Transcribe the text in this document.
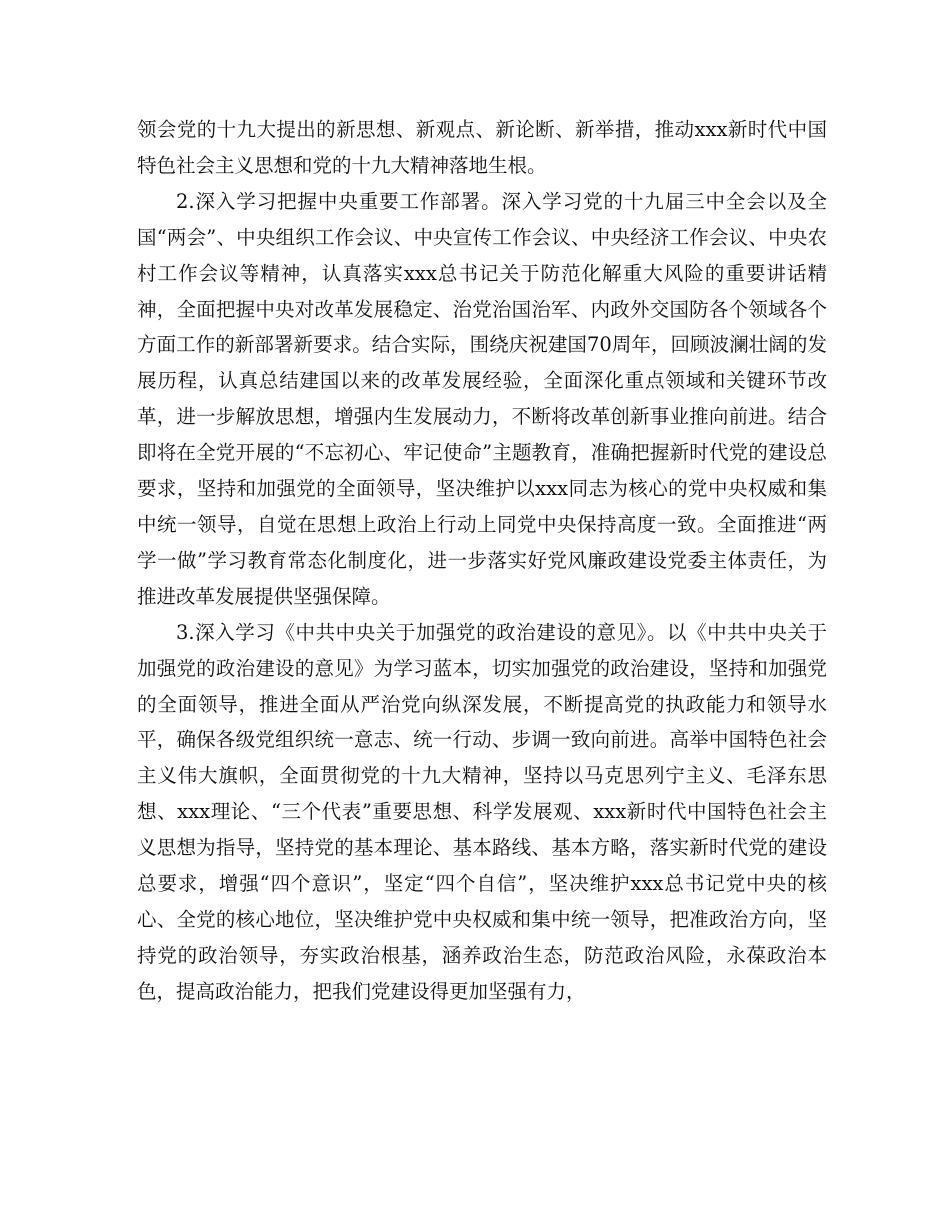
领会党的十九大提出的新思想、新观点、新论断、新举措，推动xxx新时代中国特色社会主义思想和党的十九大精神落地生根。

2.深入学习把握中央重要工作部署。深入学习党的十九届三中全会以及全国“两会”、中央组织工作会议、中央宣传工作会议、中央经济工作会议、中央农村工作会议等精神，认真落实xxx总书记关于防范化解重大风险的重要讲话精神，全面把握中央对改革发展稳定、治党治国治军、内政外交国防各个领域各个方面工作的新部署新要求。结合实际，围绕庆祝建国70周年，回顾波澜壮阔的发展历程，认真总结建国以来的改革发展经验，全面深化重点领域和关键环节改革，进一步解放思想，增强内生发展动力，不断将改革创新事业推向前进。结合即将在全党开展的“不忘初心、牢记使命”主题教育，准确把握新时代党的建设总要求，坚持和加强党的全面领导，坚决维护以xxx同志为核心的党中央权威和集中统一领导，自觉在思想上政治上行动上同党中央保持高度一致。全面推进“两学一做”学习教育常态化制度化，进一步落实好党风廉政建设党委主体责任，为推进改革发展提供坚强保障。

3.深入学习《中共中央关于加强党的政治建设的意见》。以《中共中央关于加强党的政治建设的意见》为学习蓝本，切实加强党的政治建设，坚持和加强党的全面领导，推进全面从严治党向纵深发展，不断提高党的执政能力和领导水平，确保各级党组织统一意志、统一行动、步调一致向前进。高举中国特色社会主义伟大旗帜，全面贯彻党的十九大精神，坚持以马克思列宁主义、毛泽东思想、xxx理论、“三个代表”重要思想、科学发展观、xxx新时代中国特色社会主义思想为指导，坚持党的基本理论、基本路线、基本方略，落实新时代党的建设总要求，增强“四个意识”，坚定“四个自信”，坚决维护xxx总书记党中央的核心、全党的核心地位，坚决维护党中央权威和集中统一领导，把准政治方向，坚持党的政治领导，夯实政治根基，涵养政治生态，防范政治风险，永葆政治本色，提高政治能力，把我们党建设得更加坚强有力，
